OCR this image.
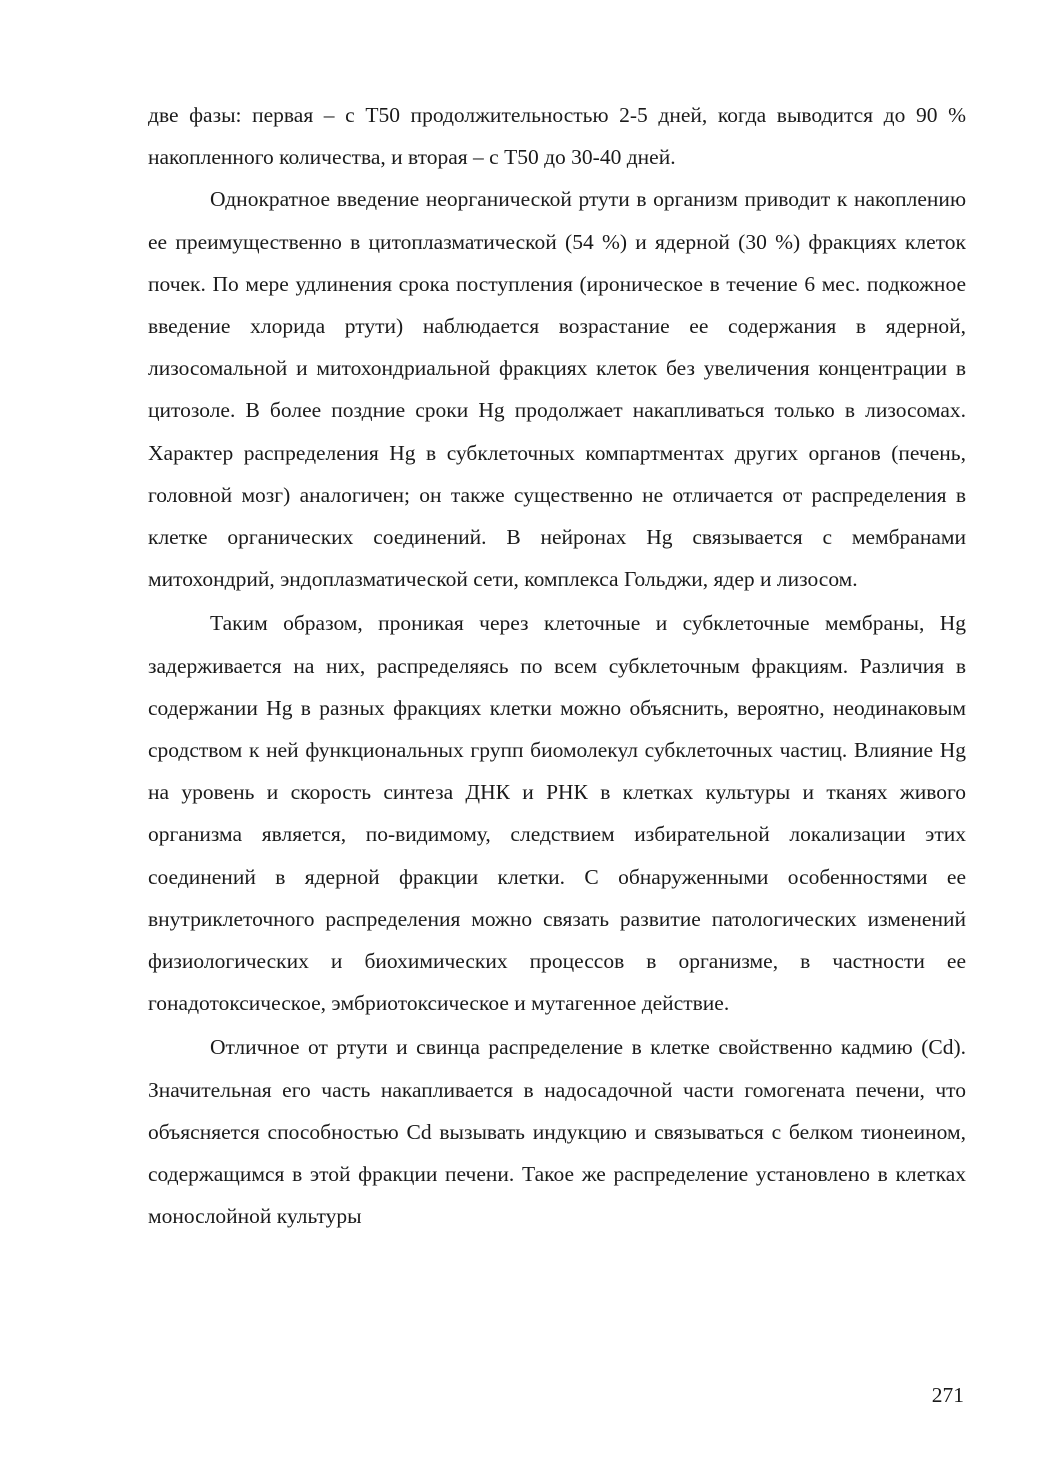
две фазы: первая – с Т50 продолжительностью 2-5 дней, когда выводится до 90 % накопленного количества, и вторая – с Т50 до 30-40 дней.

Однократное введение неорганической ртути в организм приводит к накоплению ее преимущественно в цитоплазматической (54 %) и ядерной (30 %) фракциях клеток почек. По мере удлинения срока поступления (ироническое в течение 6 мес. подкожное введение хлорида ртути) наблюдается возрастание ее содержания в ядерной, лизосомальной и митохондриальной фракциях клеток без увеличения концентрации в цитозоле. В более поздние сроки Hg продолжает накапливаться только в лизосомах. Характер распределения Hg в субклеточных компартментах других органов (печень, головной мозг) аналогичен; он также существенно не отличается от распределения в клетке органических соединений. В нейронах Hg связывается с мембранами митохондрий, эндоплазматической сети, комплекса Гольджи, ядер и лизосом.

Таким образом, проникая через клеточные и субклеточные мембраны, Hg задерживается на них, распределяясь по всем субклеточным фракциям. Различия в содержании Hg в разных фракциях клетки можно объяснить, вероятно, неодинаковым сродством к ней функциональных групп биомолекул субклеточных частиц. Влияние Hg на уровень и скорость синтеза ДНК и РНК в клетках культуры и тканях живого организма является, по-видимому, следствием избирательной локализации этих соединений в ядерной фракции клетки. С обнаруженными особенностями ее внутриклеточного распределения можно связать развитие патологических изменений физиологических и биохимических процессов в организме, в частности ее гонадотоксическое, эмбриотоксическое и мутагенное действие.

Отличное от ртути и свинца распределение в клетке свойственно кадмию (Cd). Значительная его часть накапливается в надосадочной части гомогената печени, что объясняется способностью Cd вызывать индукцию и связываться с белком тионеином, содержащимся в этой фракции печени. Такое же распределение установлено в клетках монослойной культуры

271
